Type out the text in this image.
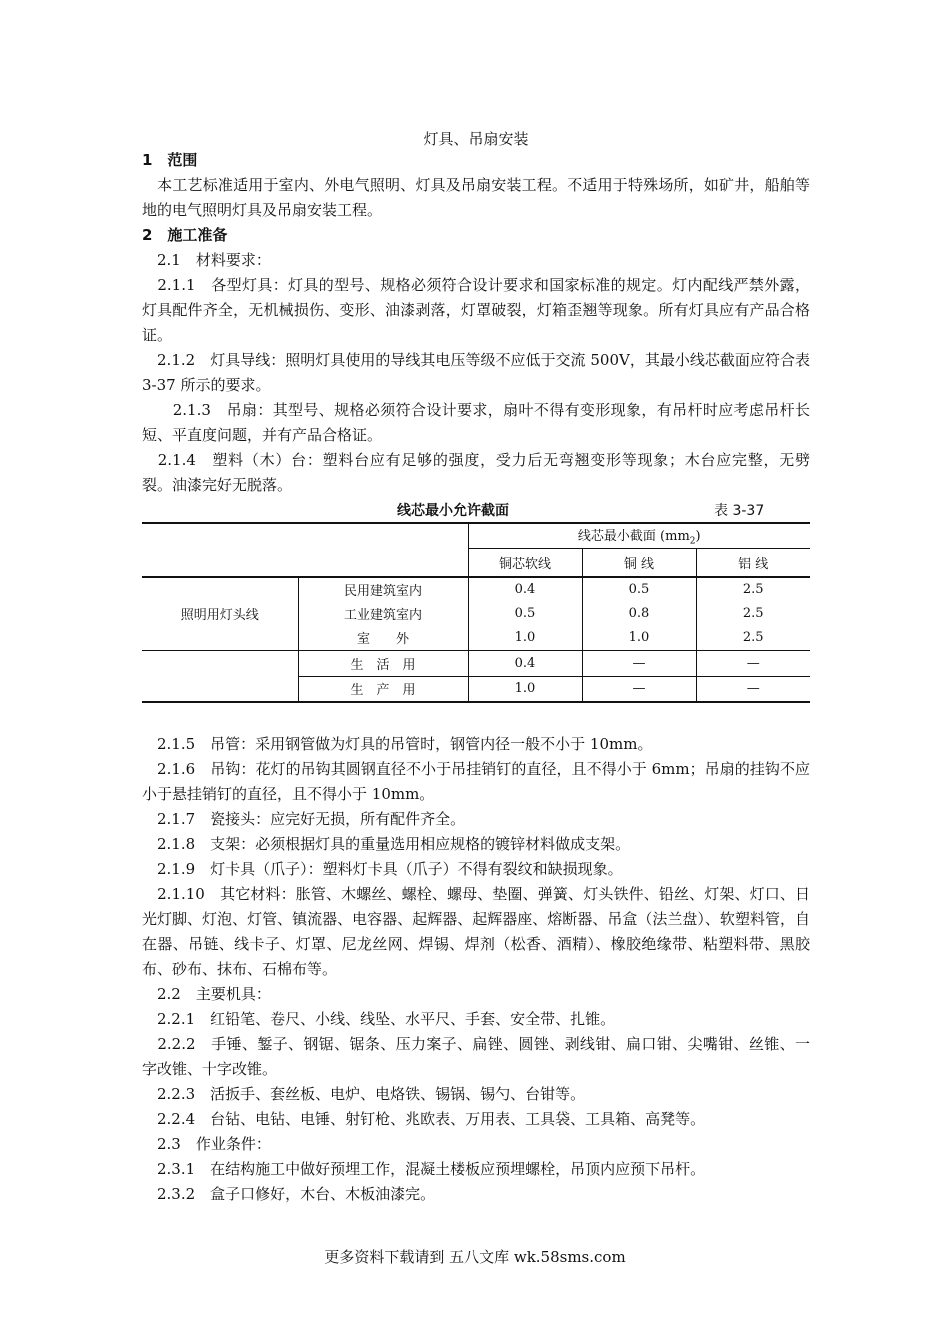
灯具、吊扇安装
1　范围
　本工艺标准适用于室内、外电气照明、灯具及吊扇安装工程。不适用于特殊场所，如矿井，船舶等地的电气照明灯具及吊扇安装工程。
2　施工准备
　2.1　材料要求：
　2.1.1　各型灯具：灯具的型号、规格必须符合设计要求和国家标准的规定。灯内配线严禁外露，灯具配件齐全，无机械损伤、变形、油漆剥落，灯罩破裂，灯箱歪翘等现象。所有灯具应有产品合格证。
　2.1.2　灯具导线：照明灯具使用的导线其电压等级不应低于交流 500V，其最小线芯截面应符合表 3-37 所示的要求。
　　2.1.3　吊扇：其型号、规格必须符合设计要求，扇叶不得有变形现象，有吊杆时应考虑吊杆长短、平直度问题，并有产品合格证。
　2.1.4　塑料（木）台：塑料台应有足够的强度，受力后无弯翘变形等现象；木台应完整，无劈裂。油漆完好无脱落。
线芯最小允许截面	表 3-37
		线芯最小截面 $(mm_2)$		
		铜芯软线	铜 线	铝 线
照明用灯头线	民用建筑室内	0.4	0.5	2.5
	工业建筑室内	0.5	0.8	2.5
	室　　外	1.0	1.0	2.5
	生　活　用	0.4	—	—
	生　产　用	1.0	—	—
　2.1.5　吊管：采用钢管做为灯具的吊管时，钢管内径一般不小于 10mm。
　2.1.6　吊钩：花灯的吊钩其圆钢直径不小于吊挂销钉的直径，且不得小于 6mm；吊扇的挂钩不应小于悬挂销钉的直径，且不得小于 10mm。
　2.1.7　瓷接头：应完好无损，所有配件齐全。
　2.1.8　支架：必须根据灯具的重量选用相应规格的镀锌材料做成支架。
　2.1.9　灯卡具（爪子）：塑料灯卡具（爪子）不得有裂纹和缺损现象。
　2.1.10　其它材料：胀管、木螺丝、螺栓、螺母、垫圈、弹簧、灯头铁件、铅丝、灯架、灯口、日光灯脚、灯泡、灯管、镇流器、电容器、起辉器、起辉器座、熔断器、吊盒（法兰盘）、软塑料管，自在器、吊链、线卡子、灯罩、尼龙丝网、焊锡、焊剂（松香、酒精）、橡胶绝缘带、粘塑料带、黑胶布、砂布、抹布、石棉布等。
　2.2　主要机具：
　2.2.1　红铅笔、卷尺、小线、线坠、水平尺、手套、安全带、扎锥。
　2.2.2　手锤、錾子、钢锯、锯条、压力案子、扁锉、圆锉、剥线钳、扁口钳、尖嘴钳、丝锥、一字改锥、十字改锥。
　2.2.3　活扳手、套丝板、电炉、电烙铁、锡锅、锡勺、台钳等。
　2.2.4　台钻、电钻、电锤、射钉枪、兆欧表、万用表、工具袋、工具箱、高凳等。
　2.3　作业条件：
　2.3.1　在结构施工中做好预埋工作，混凝土楼板应预埋螺栓，吊顶内应预下吊杆。
　2.3.2　盒子口修好，木台、木板油漆完。
更多资料下载请到 五八文库 wk.58sms.com
